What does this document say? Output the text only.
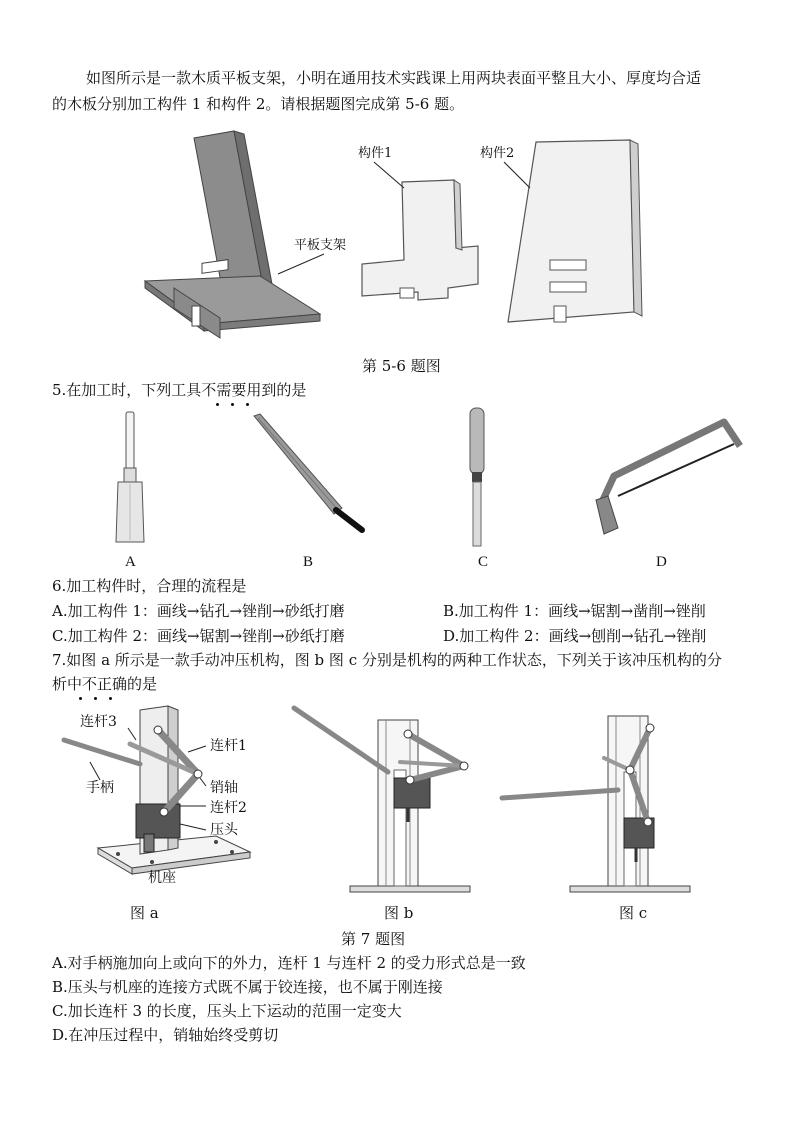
如图所示是一款木质平板支架，小明在通用技术实践课上用两块表面平整且大小、厚度均合适
的木板分别加工构件 1 和构件 2。请根据题图完成第 5-6 题。
平板支架
构件1	构件2
第 5-6 题图
5.在加工时，下列工具不需要用到的是
A	B	C	D
6.加工构件时，合理的流程是
A.加工构件 1：画线→钻孔→锉削→砂纸打磨	B.加工构件 1：画线→锯割→凿削→锉削
C.加工构件 2：画线→锯割→锉削→砂纸打磨	D.加工构件 2：画线→刨削→钻孔→锉削
7.如图 a 所示是一款手动冲压机构，图 b 图 c 分别是机构的两种工作状态，下列关于该冲压机构的分
析中不正确的是
连杆3
连杆1
手柄	销轴
连杆2
压头
机座
图 a	图 b	图 c
第 7 题图
A.对手柄施加向上或向下的外力，连杆 1 与连杆 2 的受力形式总是一致
B.压头与机座的连接方式既不属于铰连接，也不属于刚连接
C.加长连杆 3 的长度，压头上下运动的范围一定变大
D.在冲压过程中，销轴始终受剪切
